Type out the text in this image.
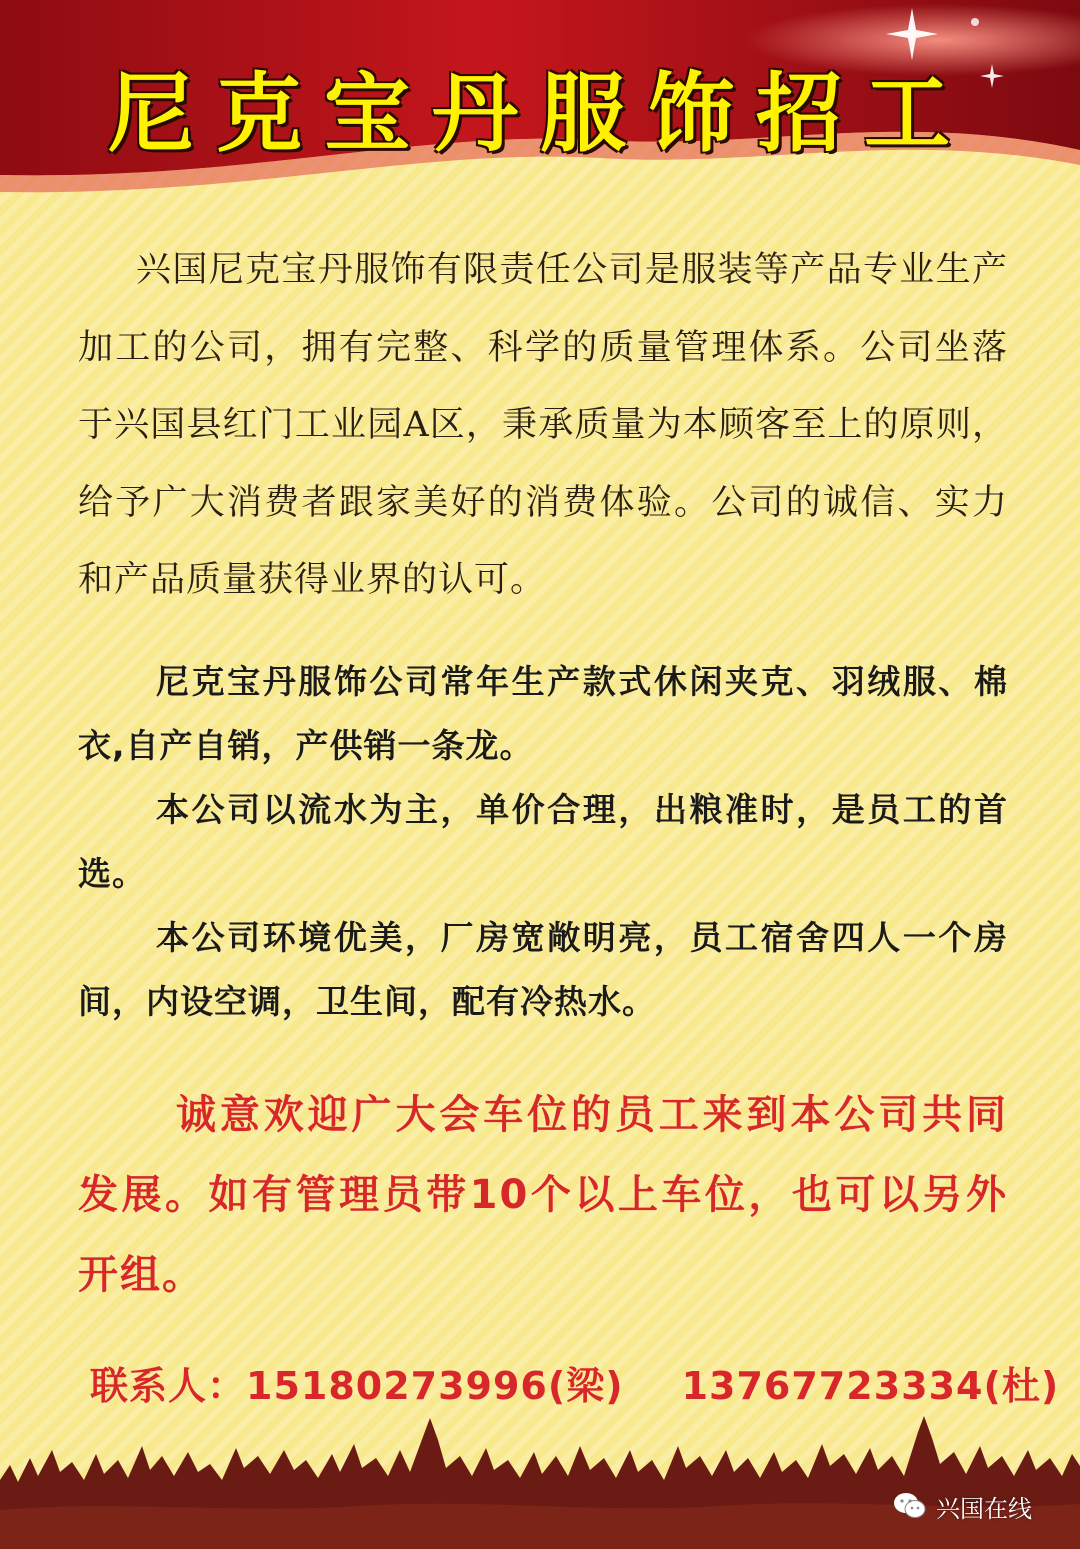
尼克宝丹服饰招工

兴国尼克宝丹服饰有限责任公司是服装等产品专业生产加工的公司，拥有完整、科学的质量管理体系。公司坐落于兴国县红门工业园A区，秉承质量为本顾客至上的原则，给予广大消费者跟家美好的消费体验。公司的诚信、实力和产品质量获得业界的认可。

尼克宝丹服饰公司常年生产款式休闲夹克、羽绒服、棉衣,自产自销，产供销一条龙。

本公司以流水为主，单价合理，出粮准时，是员工的首选。

本公司环境优美，厂房宽敞明亮，员工宿舍四人一个房间，内设空调，卫生间，配有冷热水。

诚意欢迎广大会车位的员工来到本公司共同发展。如有管理员带10个以上车位，也可以另外开组。

联系人：15180273996(梁) 13767723334(杜)
兴国在线
